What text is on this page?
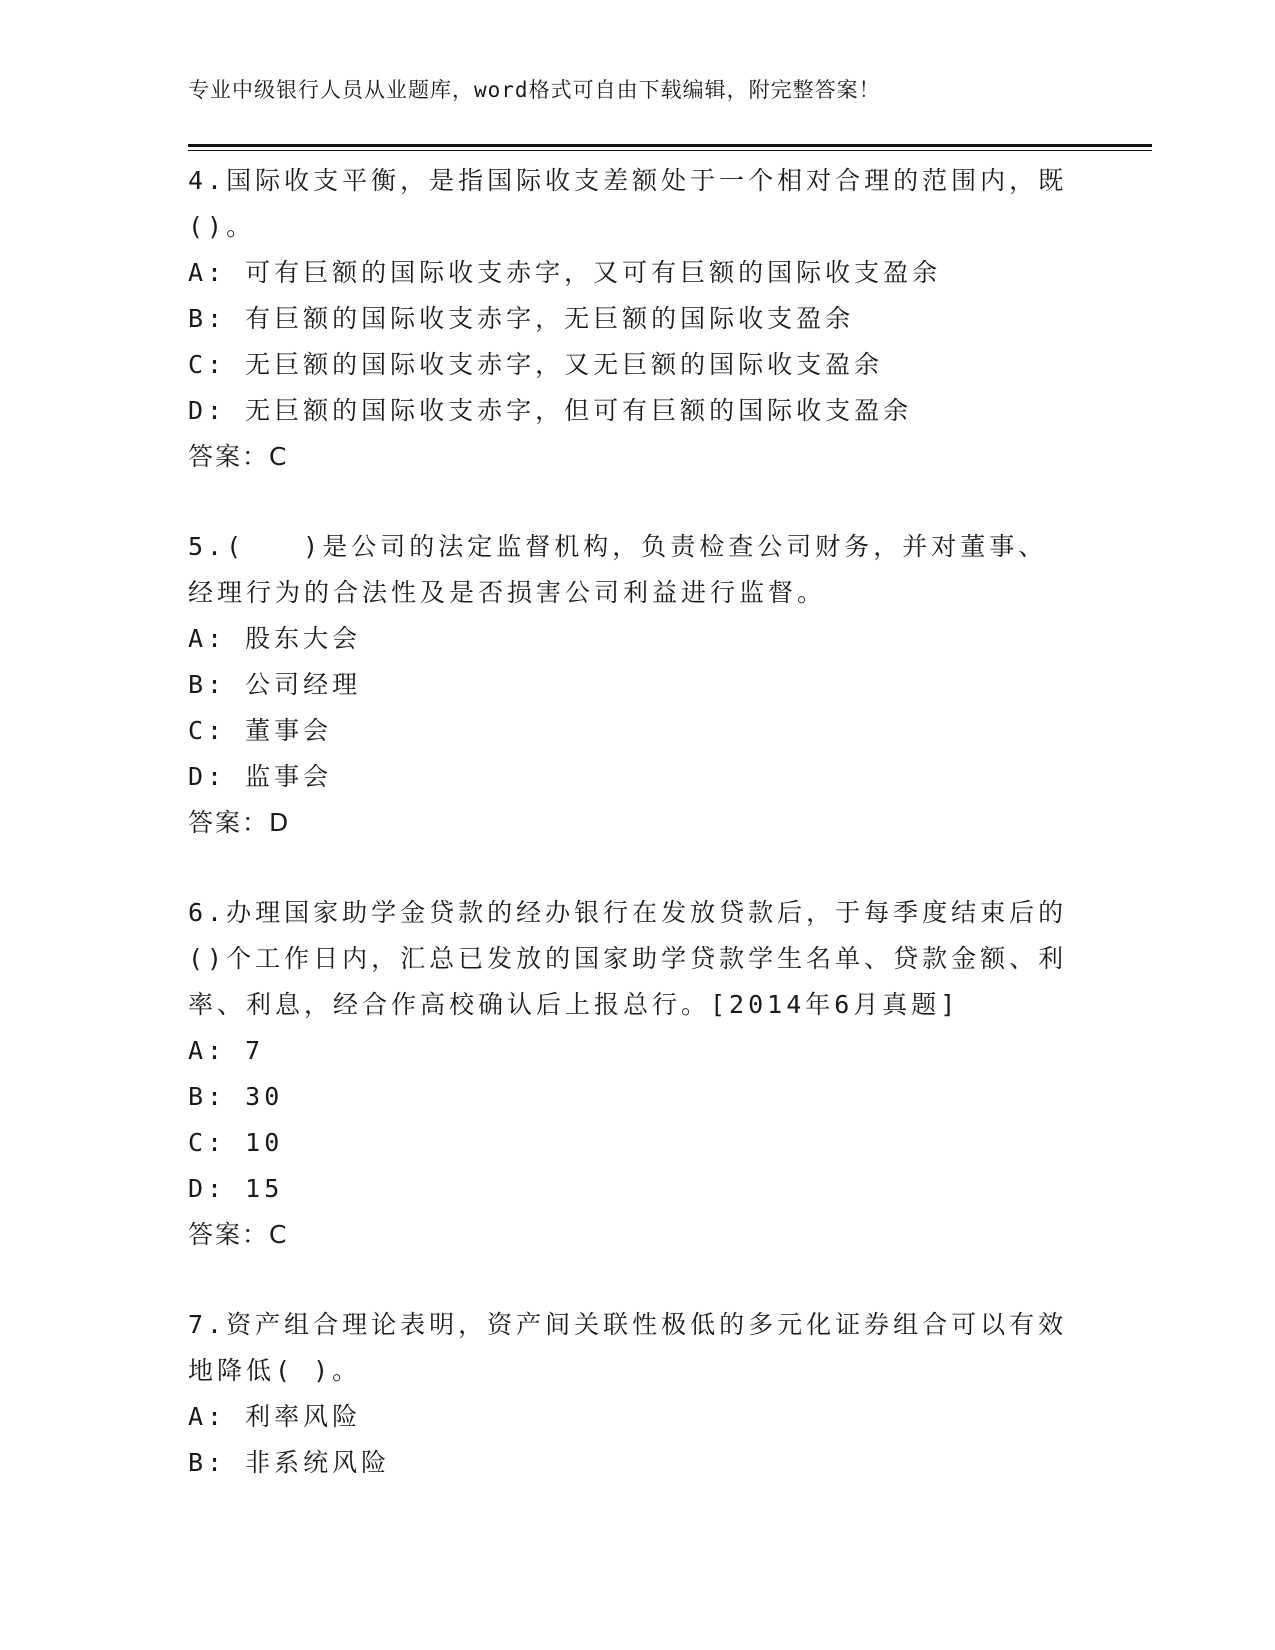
专业中级银行人员从业题库，word格式可自由下载编辑，附完整答案！

4.国际收支平衡，是指国际收支差额处于一个相对合理的范围内，既()。

A: 可有巨额的国际收支赤字，又可有巨额的国际收支盈余

B: 有巨额的国际收支赤字，无巨额的国际收支盈余

C: 无巨额的国际收支赤字，又无巨额的国际收支盈余

D: 无巨额的国际收支赤字，但可有巨额的国际收支盈余

答案：C

5.(　　)是公司的法定监督机构，负责检查公司财务，并对董事、经理行为的合法性及是否损害公司利益进行监督。

A: 股东大会

B: 公司经理

C: 董事会

D: 监事会

答案：D

6.办理国家助学金贷款的经办银行在发放贷款后，于每季度结束后的()个工作日内，汇总已发放的国家助学贷款学生名单、贷款金额、利率、利息，经合作高校确认后上报总行。[2014年6月真题]

A: 7

B: 30

C: 10

D: 15

答案：C

7.资产组合理论表明，资产间关联性极低的多元化证券组合可以有效地降低( )。

A: 利率风险

B: 非系统风险
